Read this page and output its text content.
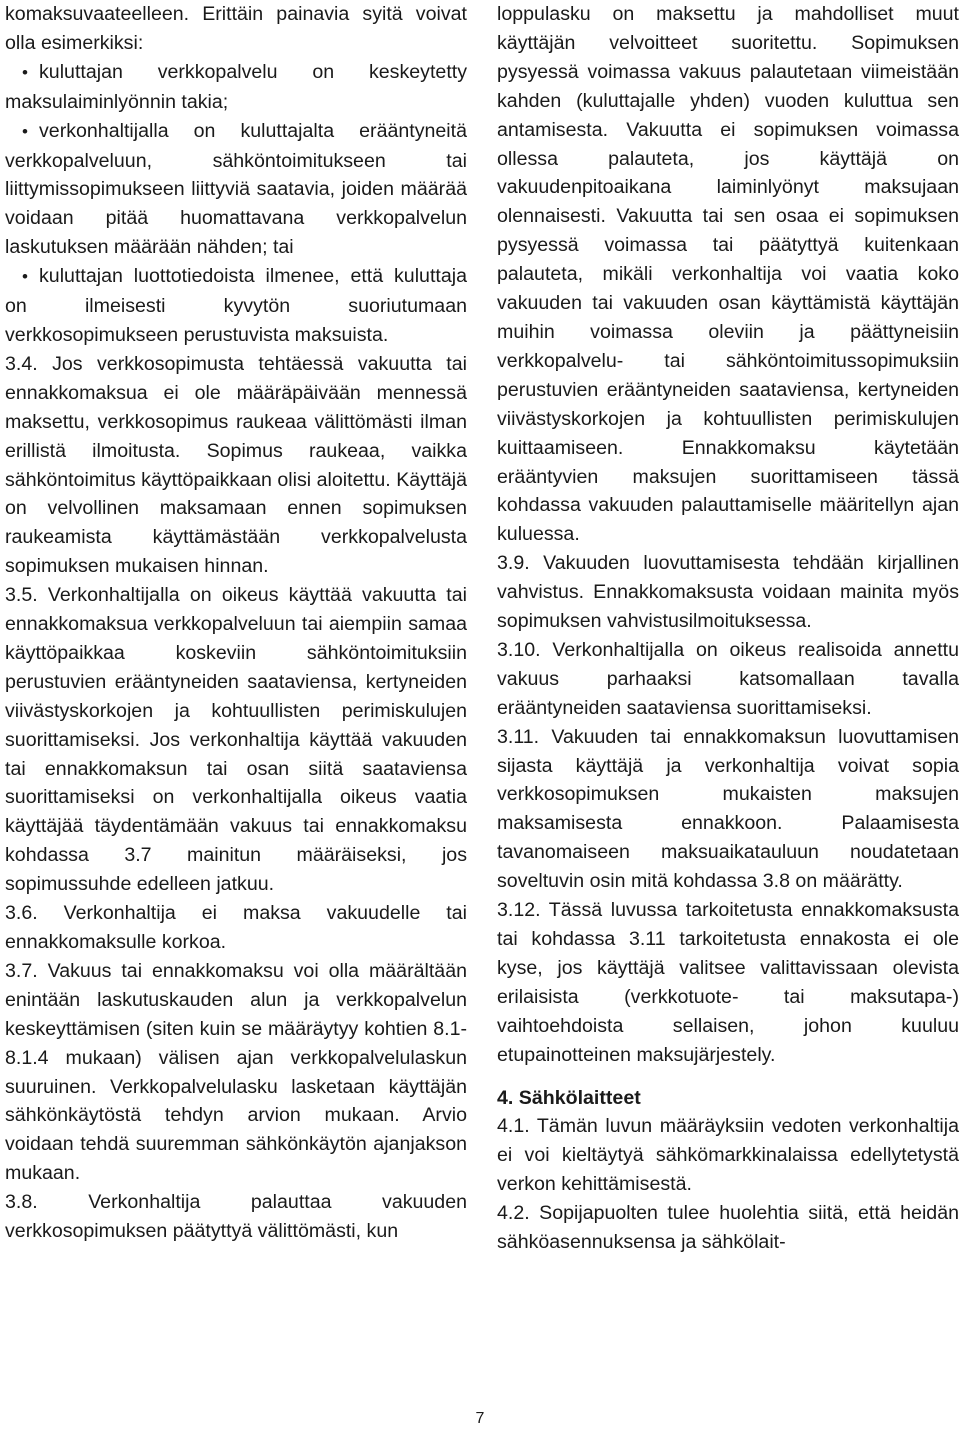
komaksuvaateelleen. Erittäin painavia syitä voivat olla esimerkiksi:

• kuluttajan verkkopalvelu on keskeytetty maksulaiminlyönnin takia;

• verkonhaltijalla on kuluttajalta erääntyneitä verkkopalveluun, sähköntoimitukseen tai liittymissopimukseen liittyviä saatavia, joiden määrää voidaan pitää huomattavana verkkopalvelun laskutuksen määrään nähden; tai

• kuluttajan luottotiedoista ilmenee, että kuluttaja on ilmeisesti kyvytön suoriutumaan verkkosopimukseen perustuvista maksuista.

3.4. Jos verkkosopimusta tehtäessä vakuutta tai ennakkomaksua ei ole määräpäivään mennessä maksettu, verkkosopimus raukeaa välittömästi ilman erillistä ilmoitusta. Sopimus raukeaa, vaikka sähköntoimitus käyttöpaikkaan olisi aloitettu. Käyttäjä on velvollinen maksamaan ennen sopimuksen raukeamista käyttämästään verkkopalvelusta sopimuksen mukaisen hinnan.

3.5. Verkonhaltijalla on oikeus käyttää vakuutta tai ennakkomaksua verkkopalveluun tai aiempiin samaa käyttöpaikkaa koskeviin sähköntoimituksiin perustuvien erääntyneiden saataviensa, kertyneiden viivästyskorkojen ja kohtuullisten perimiskulujen suorittamiseksi. Jos verkonhaltija käyttää vakuuden tai ennakkomaksun tai osan siitä saataviensa suorittamiseksi on verkonhaltijalla oikeus vaatia käyttäjää täydentämään vakuus tai ennakkomaksu kohdassa 3.7 mainitun määräiseksi, jos sopimussuhde edelleen jatkuu.

3.6. Verkonhaltija ei maksa vakuudelle tai ennakkomaksulle korkoa.

3.7. Vakuus tai ennakkomaksu voi olla määrältään enintään laskutuskauden alun ja verkkopalvelun keskeyttämisen (siten kuin se määräytyy kohtien 8.1-8.1.4 mukaan) välisen ajan verkkopalvelulaskun suuruinen. Verkkopalvelulasku lasketaan käyttäjän sähkönkäytöstä tehdyn arvion mukaan. Arvio voidaan tehdä suuremman sähkönkäytön ajanjakson mukaan.

3.8. Verkonhaltija palauttaa vakuuden verkkosopimuksen päätyttyä välittömästi, kun

loppulasku on maksettu ja mahdolliset muut käyttäjän velvoitteet suoritettu. Sopimuksen pysyessä voimassa vakuus palautetaan viimeistään kahden (kuluttajalle yhden) vuoden kuluttua sen antamisesta. Vakuutta ei sopimuksen voimassa ollessa palauteta, jos käyttäjä on vakuudenpitoaikana laiminlyönyt maksujaan olennaisesti. Vakuutta tai sen osaa ei sopimuksen pysyessä voimassa tai päätyttyä kuitenkaan palauteta, mikäli verkonhaltija voi vaatia koko vakuuden tai vakuuden osan käyttämistä käyttäjän muihin voimassa oleviin ja päättyneisiin verkkopalvelu- tai sähköntoimitussopimuksiin perustuvien erääntyneiden saataviensa, kertyneiden viivästyskorkojen ja kohtuullisten perimiskulujen kuittaamiseen. Ennakkomaksu käytetään erääntyvien maksujen suorittamiseen tässä kohdassa vakuuden palauttamiselle määritellyn ajan kuluessa.

3.9. Vakuuden luovuttamisesta tehdään kirjallinen vahvistus. Ennakkomaksusta voidaan mainita myös sopimuksen vahvistusilmoituksessa.

3.10. Verkonhaltijalla on oikeus realisoida annettu vakuus parhaaksi katsomallaan tavalla erääntyneiden saataviensa suorittamiseksi.

3.11. Vakuuden tai ennakkomaksun luovuttamisen sijasta käyttäjä ja verkonhaltija voivat sopia verkkosopimuksen mukaisten maksujen maksamisesta ennakkoon. Palaamisesta tavanomaiseen maksuaikatauluun noudatetaan soveltuvin osin mitä kohdassa 3.8 on määrätty.

3.12. Tässä luvussa tarkoitetusta ennakkomaksusta tai kohdassa 3.11 tarkoitetusta ennakosta ei ole kyse, jos käyttäjä valitsee valittavissaan olevista erilaisista (verkkotuote- tai maksutapa-) vaihtoehdoista sellaisen, johon kuuluu etupainotteinen maksujärjestely.

4. Sähkölaitteet

4.1. Tämän luvun määräyksiin vedoten verkonhaltija ei voi kieltäytyä sähkömarkkinalaissa edellytetystä verkon kehittämisestä.

4.2. Sopijapuolten tulee huolehtia siitä, että heidän sähköasennuksensa ja sähkölait-

7
